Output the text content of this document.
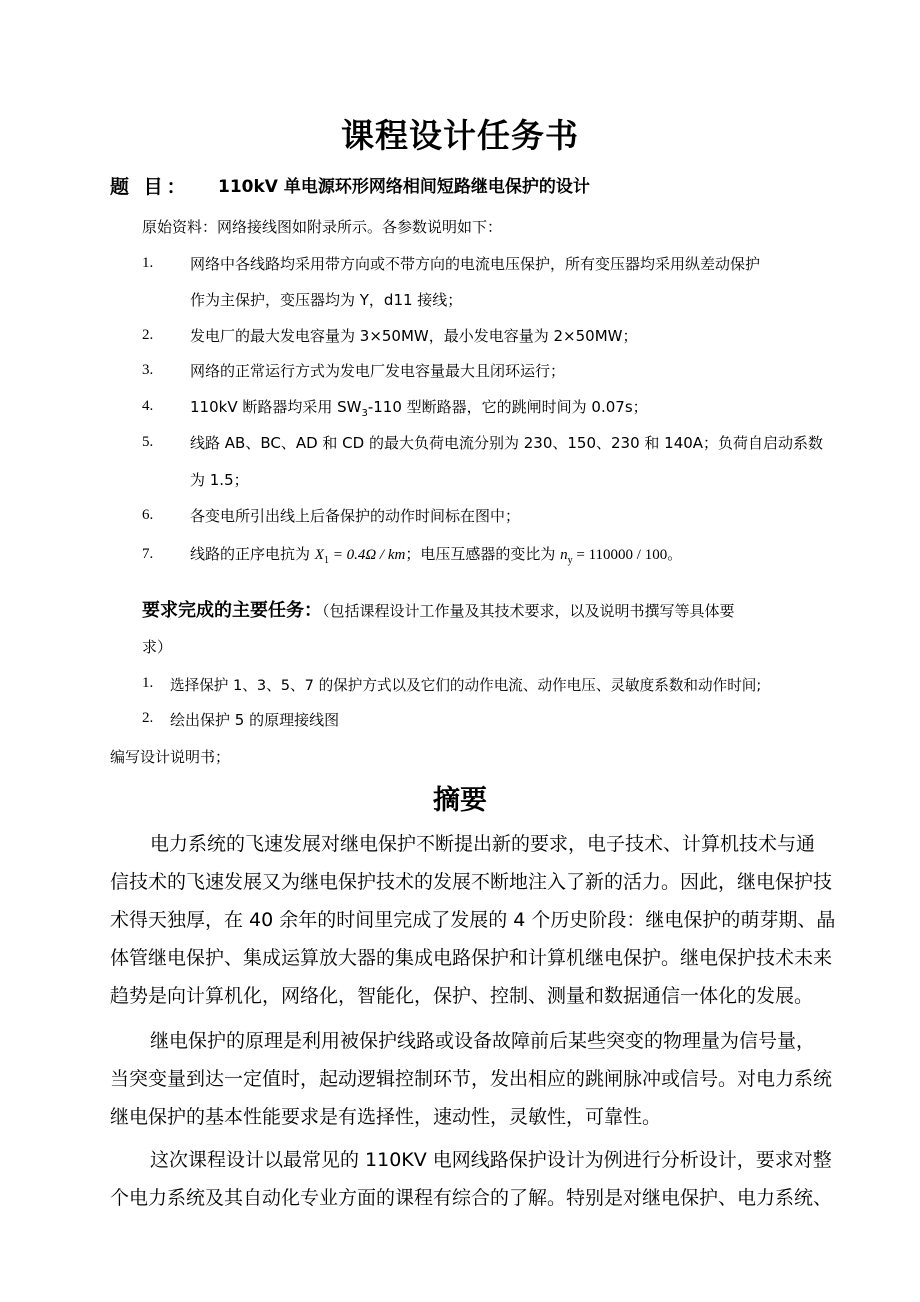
课程设计任务书
题 目： 110kV 单电源环形网络相间短路继电保护的设计
原始资料：网络接线图如附录所示。各参数说明如下：
1. 网络中各线路均采用带方向或不带方向的电流电压保护，所有变压器均采用纵差动保护
作为主保护，变压器均为 Y，d11 接线；
2. 发电厂的最大发电容量为 3×50MW，最小发电容量为 2×50MW；
3. 网络的正常运行方式为发电厂发电容量最大且闭环运行；
4. 110kV 断路器均采用 $SW_3-110$ 型断路器，它的跳闸时间为 0.07s；
5. 线路 AB、BC、AD 和 CD 的最大负荷电流分别为 230、150、230 和 140A；负荷自启动系数
为 1.5；
6. 各变电所引出线上后备保护的动作时间标在图中；
7. 线路的正序电抗为 $X_1 = 0.4\Omega$ / km；电压互感器的变比为 $n_y = 110000 / 100$。
要求完成的主要任务：（包括课程设计工作量及其技术要求，以及说明书撰写等具体要
求）
1. 选择保护 1、3、5、7 的保护方式以及它们的动作电流、动作电压、灵敏度系数和动作时间;
2. 绘出保护 5 的原理接线图
编写设计说明书；
摘要
电力系统的飞速发展对继电保护不断提出新的要求，电子技术、计算机技术与通
信技术的飞速发展又为继电保护技术的发展不断地注入了新的活力。因此，继电保护技
术得天独厚，在 40 余年的时间里完成了发展的 4 个历史阶段：继电保护的萌芽期、晶
体管继电保护、集成运算放大器的集成电路保护和计算机继电保护。继电保护技术未来
趋势是向计算机化，网络化，智能化，保护、控制、测量和数据通信一体化的发展。
继电保护的原理是利用被保护线路或设备故障前后某些突变的物理量为信号量，
当突变量到达一定值时，起动逻辑控制环节，发出相应的跳闸脉冲或信号。对电力系统
继电保护的基本性能要求是有选择性，速动性，灵敏性，可靠性。
这次课程设计以最常见的 110KV 电网线路保护设计为例进行分析设计，要求对整
个电力系统及其自动化专业方面的课程有综合的了解。特别是对继电保护、电力系统、
